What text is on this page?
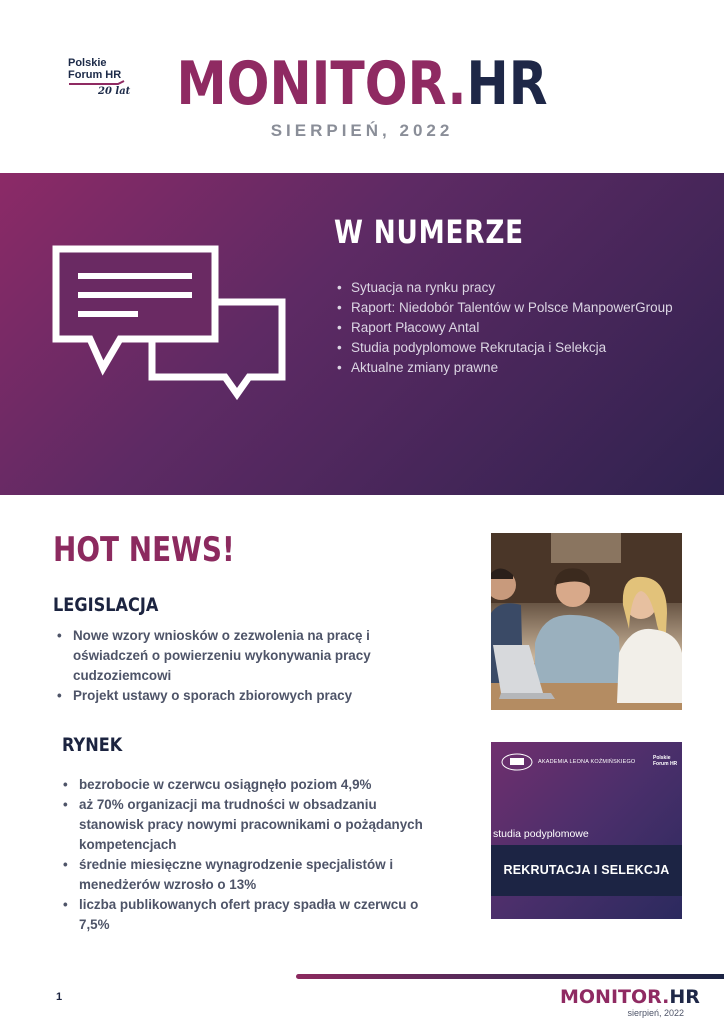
Polskie
Forum HR
20 lat MONITOR.HR
SIERPIEŃ, 2022
W NUMERZE
• Sytuacja na rynku pracy
• Raport: Niedobór Talentów w Polsce ManpowerGroup
• Raport Płacowy Antal
• Studia podyplomowe Rekrutacja i Selekcja
• Aktualne zmiany prawne
HOT NEWS!
LEGISLACJA
• Nowe wzory wniosków o zezwolenia na pracę i oświadczeń o powierzeniu wykonywania pracy cudzoziemcowi
• Projekt ustawy o sporach zbiorowych pracy
RYNEK
• bezrobocie w czerwcu osiągnęło poziom 4,9%
• aż 70% organizacji ma trudności w obsadzaniu stanowisk pracy nowymi pracownikami o pożądanych kompetencjach
• średnie miesięczne wynagrodzenie specjalistów i menedżerów wzrosło o 13%
• liczba publikowanych ofert pracy spadła w czerwcu o 7,5%
AKADEMIA LEONA KOŹMIŃSKIEGO
Polskie
Forum HR
studia podyplomowe
REKRUTACJA I SELEKCJA
1	MONITOR.HR
sierpień, 2022
